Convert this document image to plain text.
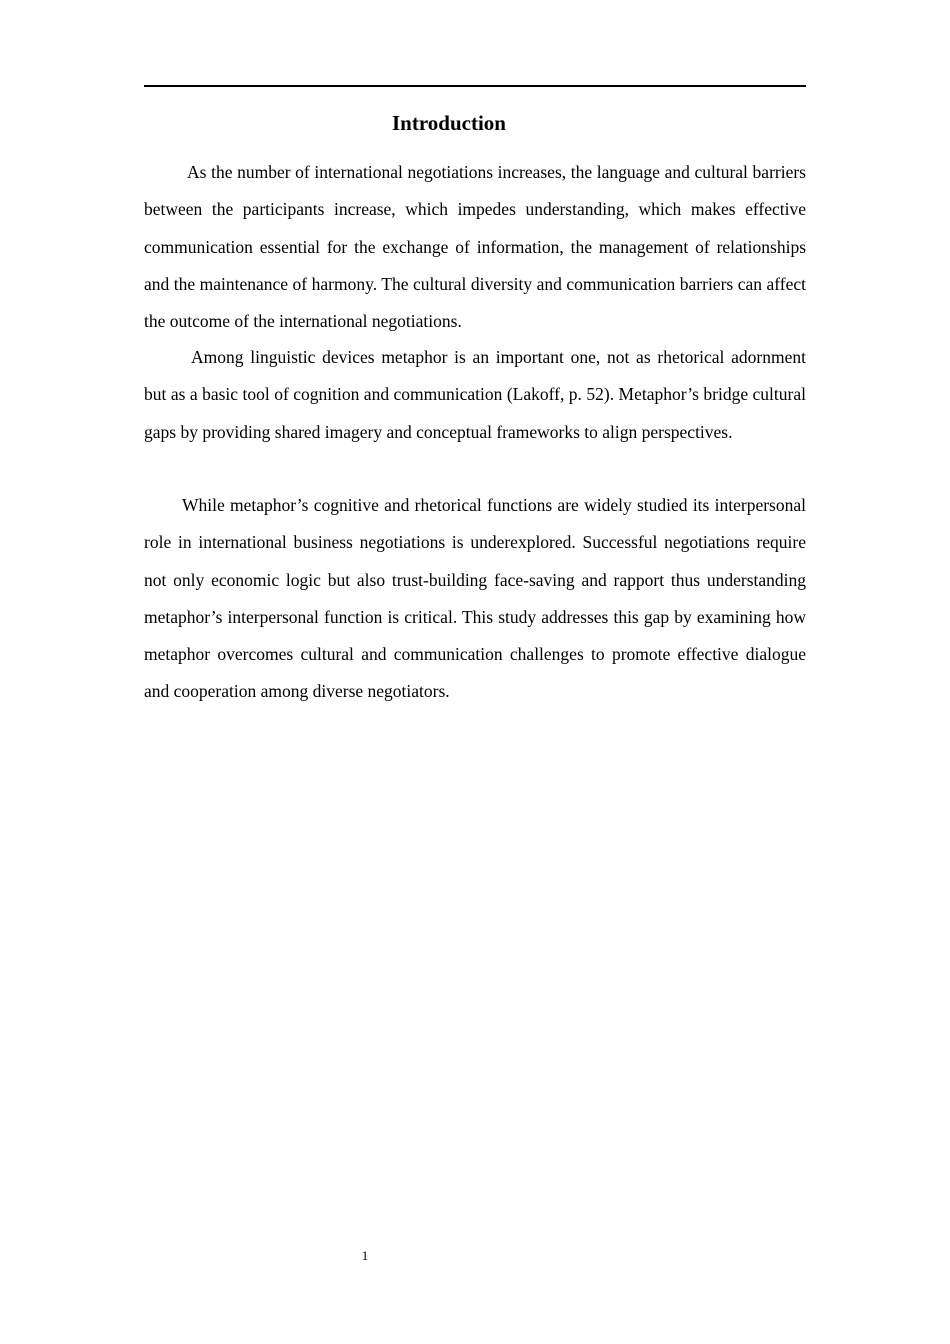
Introduction

As the number of international negotiations increases, the language and cultural barriers between the participants increase, which impedes understanding, which makes effective communication essential for the exchange of information, the management of relationships and the maintenance of harmony. The cultural diversity and communication barriers can affect the outcome of the international negotiations.

Among linguistic devices metaphor is an important one, not as rhetorical adornment but as a basic tool of cognition and communication (Lakoff, p. 52). Metaphor’s bridge cultural gaps by providing shared imagery and conceptual frameworks to align perspectives.

While metaphor’s cognitive and rhetorical functions are widely studied its interpersonal role in international business negotiations is underexplored. Successful negotiations require not only economic logic but also trust-building face-saving and rapport thus understanding metaphor’s interpersonal function is critical. This study addresses this gap by examining how metaphor overcomes cultural and communication challenges to promote effective dialogue and cooperation among diverse negotiators.

1
